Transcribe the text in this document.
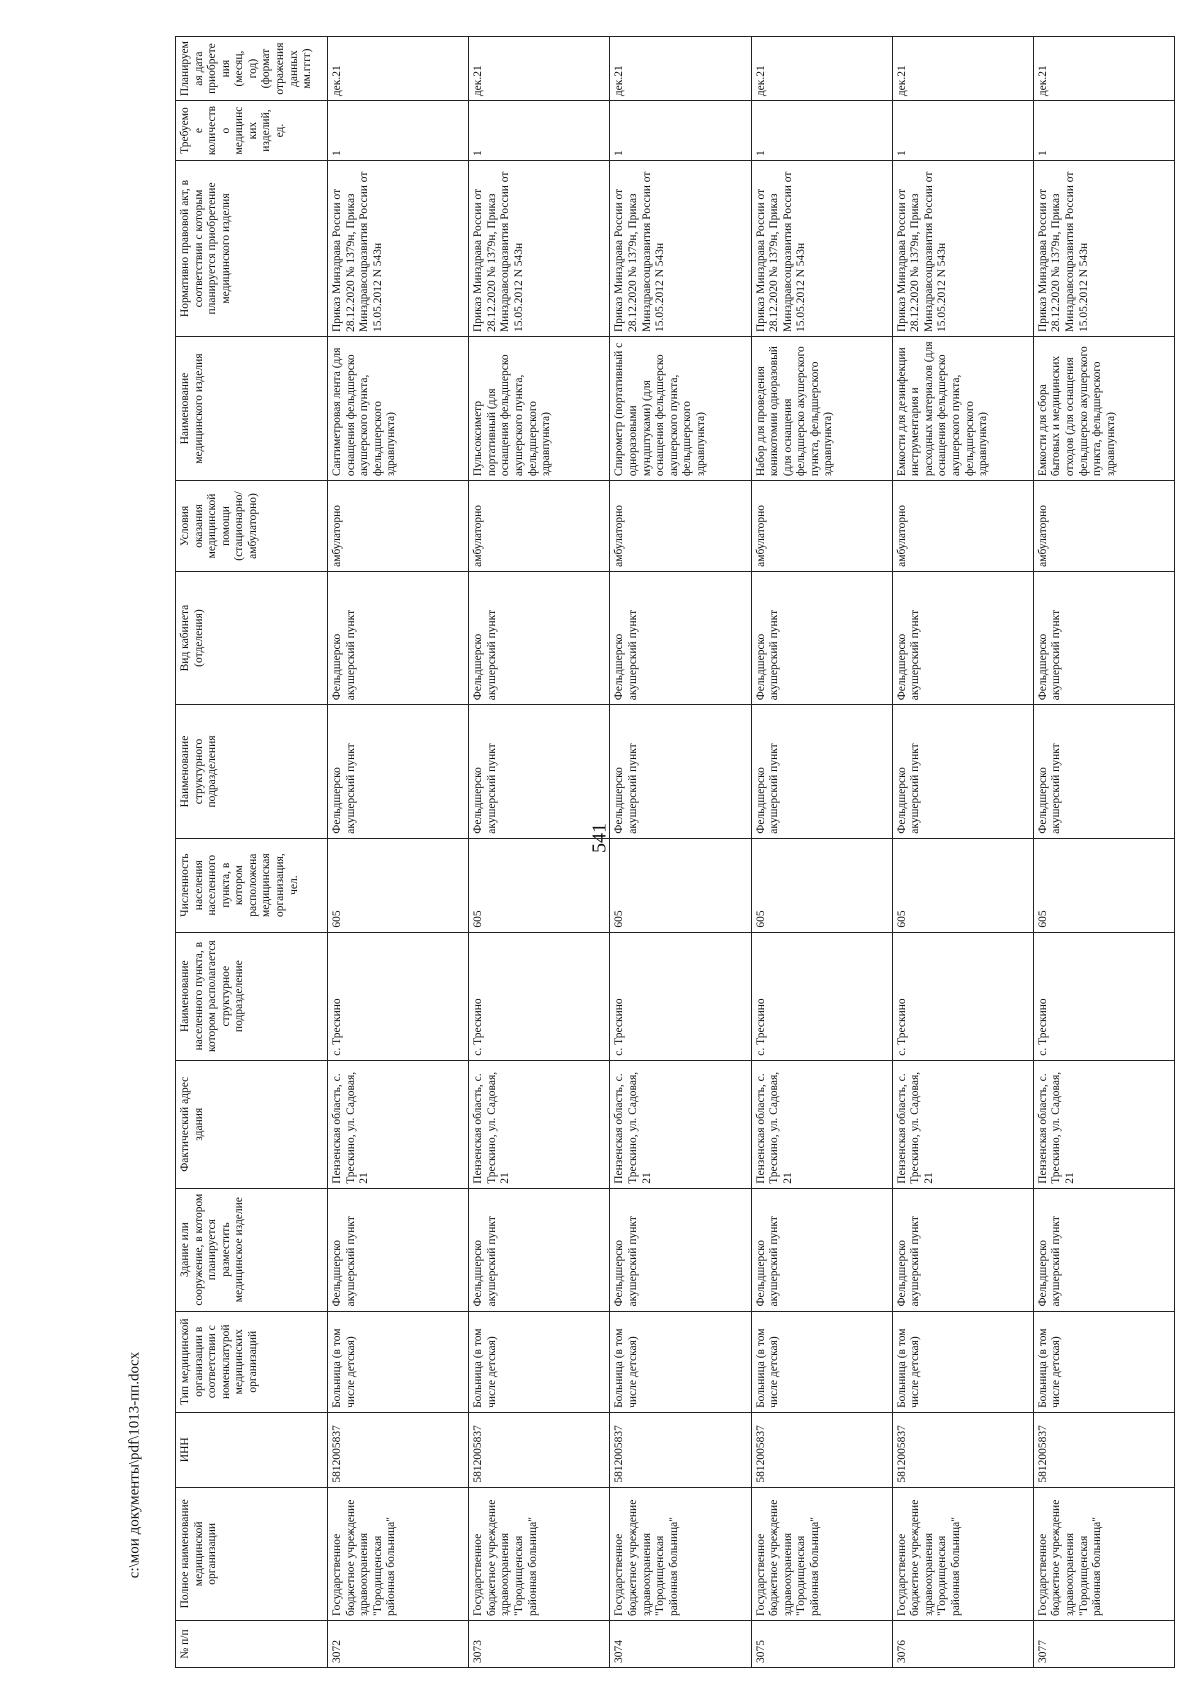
541
№ п/п	Полное наименование медицинской организации	ИНН	Тип медицинской организации в соответствии с номенклатурой медицинских организаций	Здание или сооружение, в котором планируется разместить медицинское изделие	Фактический адрес здания	Наименование населенного пункта, в котором располагается структурное подразделение	Численность населения населенного пункта, в котором расположена медицинская организация, чел.	Наименование структурного подразделения	Вид кабинета (отделения)	Условия оказания медицинской помощи (стационарно/амбулаторно)	Наименование медицинского изделия	Нормативно правовой акт, в соответствии с которым планируется приобретение медицинского изделия	Требуемое количество медицинских изделий, ед.	Планируемая дата приобретения (месяц, год) (формат отражения данных мм.гггг)
3072	Государственное бюджетное учреждение здравоохранения "Городищенская районная больница"	5812005837	Больница (в том числе детская)	Фельдшерско акушерский пункт	Пензенская область, с. Трескино, ул. Садовая, 21	с. Трескино	605	Фельдшерско акушерский пункт	Фельдшерско акушерский пункт	амбулаторно	Сантиметровая лента (для оснащения фельдшерско акушерского пункта, фельдшерского здравпункта)	Приказ Минздрава России от 28.12.2020 № 1379н, Приказ Минздравсоцразвития России от 15.05.2012 N 543н	1	дек.21
3073	Государственное бюджетное учреждение здравоохранения "Городищенская районная больница"	5812005837	Больница (в том числе детская)	Фельдшерско акушерский пункт	Пензенская область, с. Трескино, ул. Садовая, 21	с. Трескино	605	Фельдшерско акушерский пункт	Фельдшерско акушерский пункт	амбулаторно	Пульсоксиметр портативный (для оснащения фельдшерско акушерского пункта, фельдшерского здравпункта)	Приказ Минздрава России от 28.12.2020 № 1379н, Приказ Минздравсоцразвития России от 15.05.2012 N 543н	1	дек.21
3074	Государственное бюджетное учреждение здравоохранения "Городищенская районная больница"	5812005837	Больница (в том числе детская)	Фельдшерско акушерский пункт	Пензенская область, с. Трескино, ул. Садовая, 21	с. Трескино	605	Фельдшерско акушерский пункт	Фельдшерско акушерский пункт	амбулаторно	Спирометр (портативный с одноразовыми мундштуками) (для оснащения фельдшерско акушерского пункта, фельдшерского здравпункта)	Приказ Минздрава России от 28.12.2020 № 1379н, Приказ Минздравсоцразвития России от 15.05.2012 N 543н	1	дек.21
3075	Государственное бюджетное учреждение здравоохранения "Городищенская районная больница"	5812005837	Больница (в том числе детская)	Фельдшерско акушерский пункт	Пензенская область, с. Трескино, ул. Садовая, 21	с. Трескино	605	Фельдшерско акушерский пункт	Фельдшерско акушерский пункт	амбулаторно	Набор для проведения коникотомии одноразовый (для оснащения фельдшерско акушерского пункта, фельдшерского здравпункта)	Приказ Минздрава России от 28.12.2020 № 1379н, Приказ Минздравсоцразвития России от 15.05.2012 N 543н	1	дек.21
3076	Государственное бюджетное учреждение здравоохранения "Городищенская районная больница"	5812005837	Больница (в том числе детская)	Фельдшерско акушерский пункт	Пензенская область, с. Трескино, ул. Садовая, 21	с. Трескино	605	Фельдшерско акушерский пункт	Фельдшерско акушерский пункт	амбулаторно	Емкости для дезинфекции инструментария и расходных материалов (для оснащения фельдшерско акушерского пункта, фельдшерского здравпункта)	Приказ Минздрава России от 28.12.2020 № 1379н, Приказ Минздравсоцразвития России от 15.05.2012 N 543н	1	дек.21
3077	Государственное бюджетное учреждение здравоохранения "Городищенская районная больница"	5812005837	Больница (в том числе детская)	Фельдшерско акушерский пункт	Пензенская область, с. Трескино, ул. Садовая, 21	с. Трескино	605	Фельдшерско акушерский пункт	Фельдшерско акушерский пункт	амбулаторно	Емкости для сбора бытовых и медицинских отходов (для оснащения фельдшерско акушерского пункта, фельдшерского здравпункта)	Приказ Минздрава России от 28.12.2020 № 1379н, Приказ Минздравсоцразвития России от 15.05.2012 N 543н	1	дек.21
c:\мои документы\pdf\1013-пп.docx
